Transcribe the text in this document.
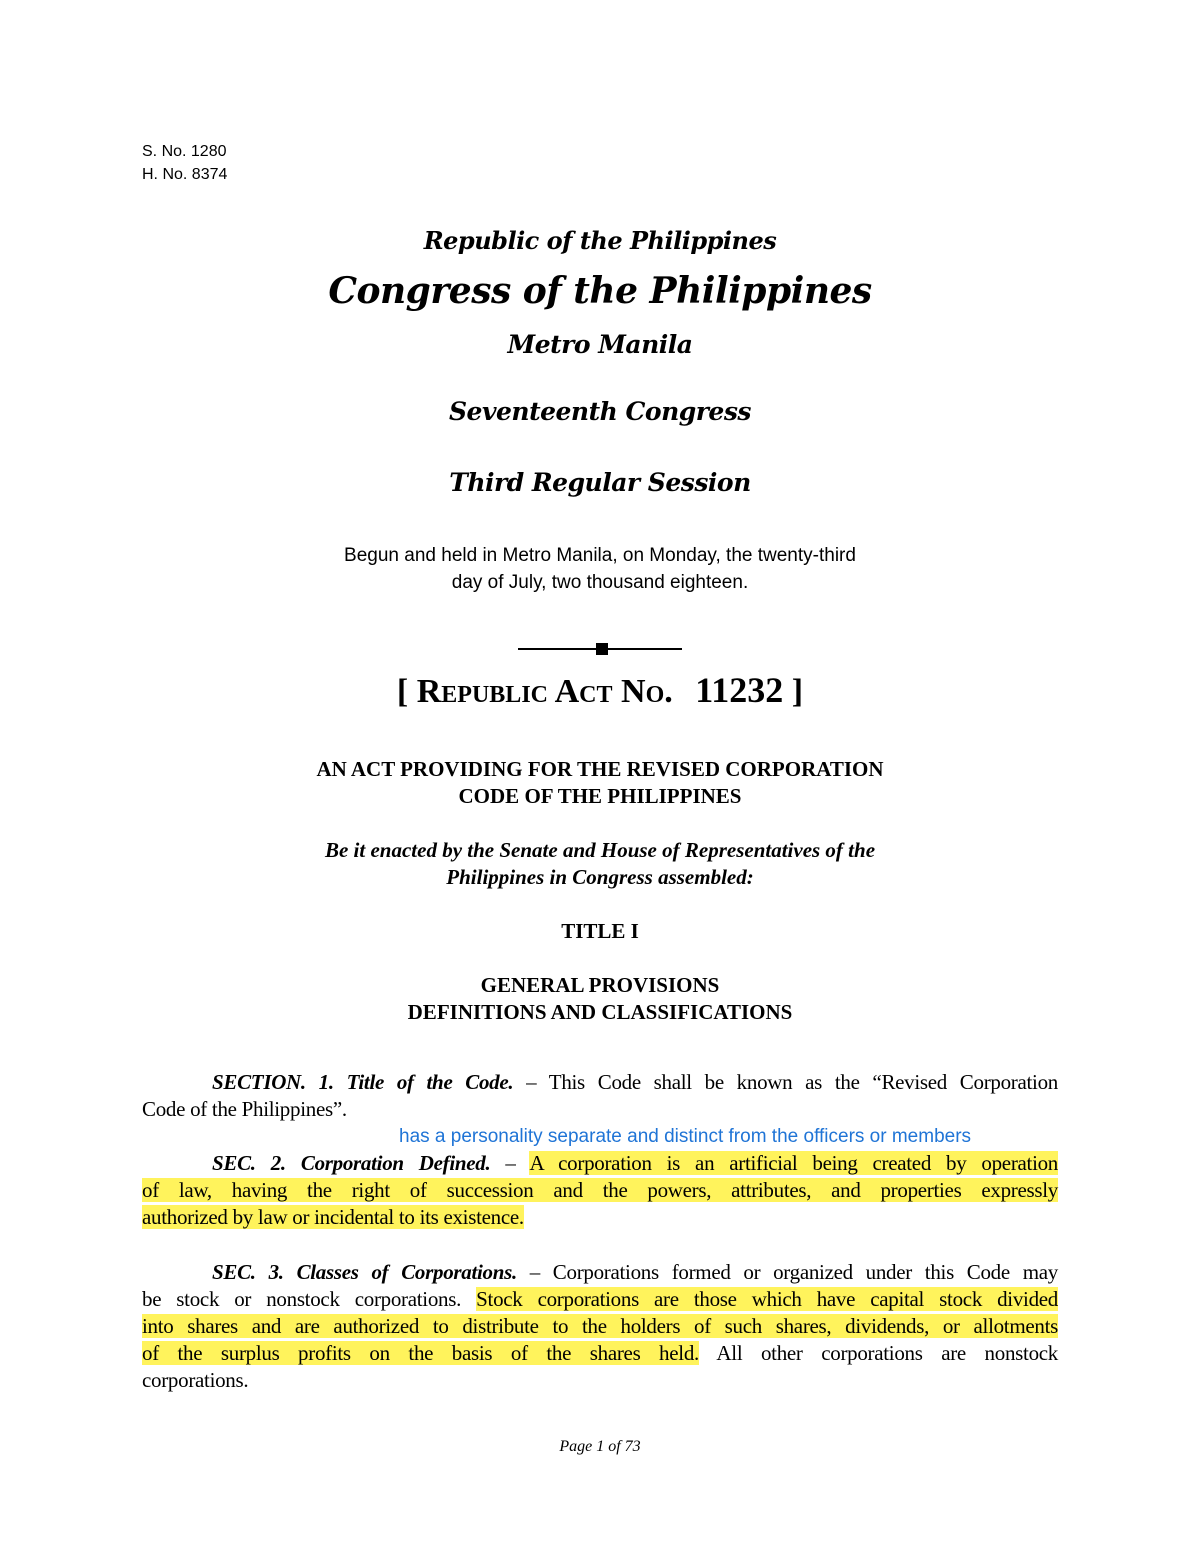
S. No. 1280
H. No. 8374
Republic of the Philippines
Congress of the Philippines
Metro Manila
Seventeenth Congress
Third Regular Session
Begun and held in Metro Manila, on Monday, the twenty-third
day of July, two thousand eighteen.
[ Republic Act No. 11232 ]
AN ACT PROVIDING FOR THE REVISED CORPORATION
CODE OF THE PHILIPPINES
Be it enacted by the Senate and House of Representatives of the
Philippines in Congress assembled:
TITLE I
GENERAL PROVISIONS
DEFINITIONS AND CLASSIFICATIONS
has a personality separate and distinct from the officers or members
SECTION. 1. Title of the Code. – This Code shall be known as the “Revised Corporation
Code of the Philippines”.
SEC. 2. Corporation Defined. – A corporation is an artificial being created by operation
of law, having the right of succession and the powers, attributes, and properties expressly
authorized by law or incidental to its existence.
SEC. 3. Classes of Corporations. – Corporations formed or organized under this Code may
be stock or nonstock corporations. Stock corporations are those which have capital stock divided
into shares and are authorized to distribute to the holders of such shares, dividends, or allotments
of the surplus profits on the basis of the shares held. All other corporations are nonstock
corporations.
Page 1 of 73
